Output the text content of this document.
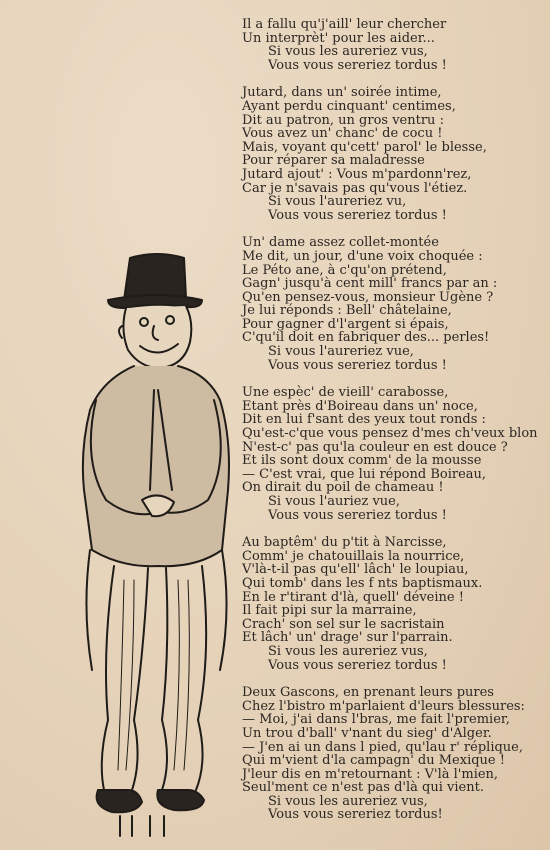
Il a fallu qu'j'aill' leur chercher
Un interprèt' pour les aider...
Si vous les aureriez vus,
Vous vous sereriez tordus !
Jutard, dans un' soirée intime,
Ayant perdu cinquant' centimes,
Dit au patron, un gros ventru :
Vous avez un' chanc' de cocu !
Mais, voyant qu'cett' parol' le blesse,
Pour réparer sa maladresse
Jutard ajout' : Vous m'pardonn'rez,
Car je n'savais pas qu'vous l'étiez.
Si vous l'aureriez vu,
Vous vous sereriez tordus !
Un' dame assez collet-montée
Me dit, un jour, d'une voix choquée :
Le Péto ane, à c'qu'on prétend,
Gagn' jusqu'à cent mill' francs par an :
Qu'en pensez-vous, monsieur Ugène ?
Je lui réponds : Bell' châtelaine,
Pour gagner d'l'argent si épais,
C'qu'il doit en fabriquer des... perles!
Si vous l'aureriez vue,
Vous vous sereriez tordus !
Une espèc' de vieill' carabosse,
Etant près d'Boireau dans un' noce,
Dit en lui f'sant des yeux tout ronds :
Qu'est-c'que vous pensez d'mes ch'veux blon
N'est-c' pas qu'la couleur en est douce ?
Et ils sont doux comm' de la mousse
— C'est vrai, que lui répond Boireau,
On dirait du poil de chameau !
Si vous l'auriez vue,
Vous vous sereriez tordus !
Au baptêm' du p'tit à Narcisse,
Comm' je chatouillais la nourrice,
V'là-t-il pas qu'ell' lâch' le loupiau,
Qui tomb' dans les f nts baptismaux.
En le r'tirant d'là, quell' déveine !
Il fait pipi sur la marraine,
Crach' son sel sur le sacristain
Et lâch' un' drage' sur l'parrain.
Si vous les aureriez vus,
Vous vous sereriez tordus !
Deux Gascons, en prenant leurs pures
Chez l'bistro m'parlaient d'leurs blessures:
— Moi, j'ai dans l'bras, me fait l'premier,
Un trou d'ball' v'nant du sieg' d'Alger.
— J'en ai un dans l pied, qu'lau r' réplique,
Qui m'vient d'la campagn' du Mexique !
J'leur dis en m'retournant : V'là l'mien,
Seul'ment ce n'est pas d'là qui vient.
Si vous les aureriez vus,
Vous vous sereriez tordus!
